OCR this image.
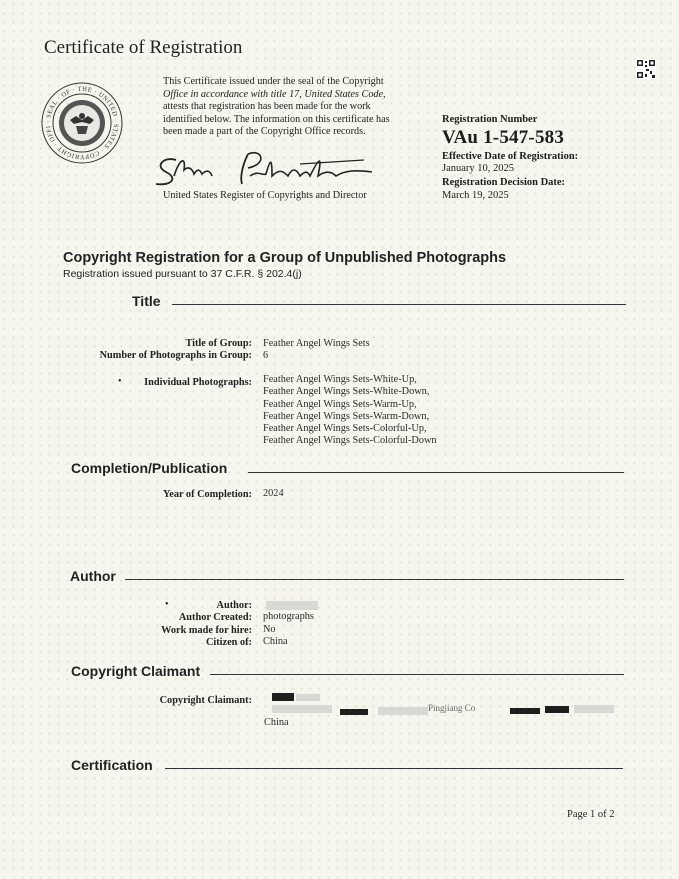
Certificate of Registration
· SEAL · OF · THE · UNITED · STATES · COPYRIGHT · OFFI
This Certificate issued under the seal of the Copyright
Office in accordance with title 17, United States Code,
attests that registration has been made for the work
identified below. The information on this certificate has
been made a part of the Copyright Office records.
United States Register of Copyrights and Director
Registration Number
VAu 1-547-583
Effective Date of Registration:
January 10, 2025
Registration Decision Date:
March 19, 2025
Copyright Registration for a Group of Unpublished Photographs
Registration issued pursuant to 37 C.F.R. § 202.4(j)
Title
Title of Group: Feather Angel Wings Sets
Number of Photographs in Group: 6
•	Individual Photographs: Feather Angel Wings Sets-White-Up,
Feather Angel Wings Sets-White-Down,
Feather Angel Wings Sets-Warm-Up,
Feather Angel Wings Sets-Warm-Down,
Feather Angel Wings Sets-Colorful-Up,
Feather Angel Wings Sets-Colorful-Down
Completion/Publication
Year of Completion: 2024
Author
•	Author:
Author Created: photographs
Work made for hire: No
Citizen of: China
Copyright Claimant
Copyright Claimant:
Pingjiang Co
China
Certification
Page 1 of 2
